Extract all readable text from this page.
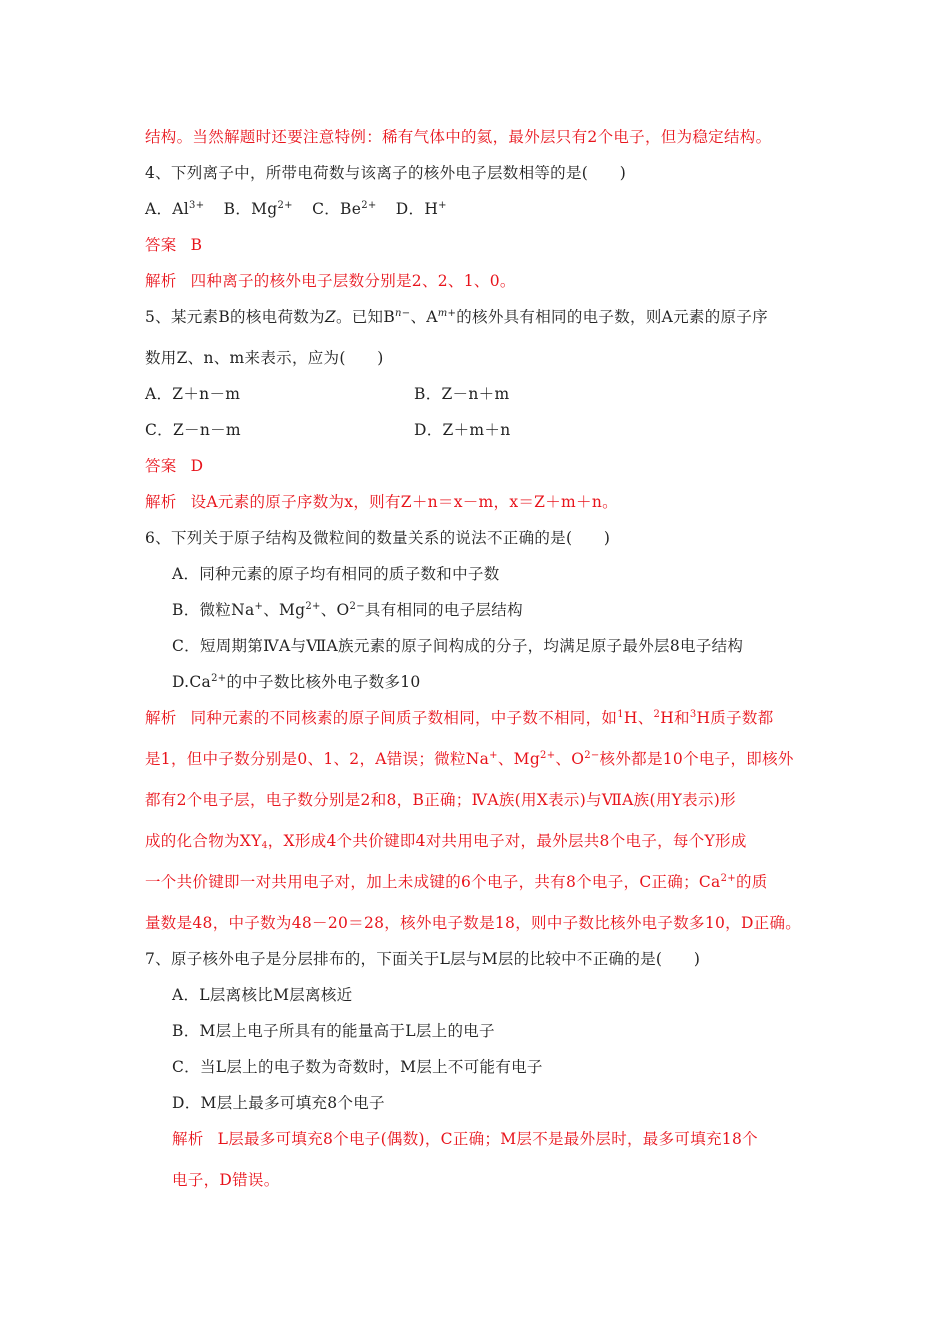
结构。当然解题时还要注意特例：稀有气体中的氦，最外层只有2个电子，但为稳定结构。
4、下列离子中，所带电荷数与该离子的核外电子层数相等的是(　　)
A．$Al^{3+}$ B．$Mg^{2+}$ C．$Be^{2+}$ D．H+
答案 B
解析 四种离子的核外电子层数分别是2、2、1、0。
5、某元素B的核电荷数为Z。已知$B^{n-}$、$A^{m+}$的核外具有相同的电子数，则A元素的原子序
数用Z、n、m来表示，应为(　　)
A．Z＋n－m	B．Z－n＋m
C．Z－n－m	D．Z＋m＋n
答案 D
解析 设A元素的原子序数为x，则有Z＋n＝x－m，x＝Z＋m＋n。
6、下列关于原子结构及微粒间的数量关系的说法不正确的是(　　)
A．同种元素的原子均有相同的质子数和中子数
B．微粒Na+、$Mg^{2+}$、$O^{2-}$具有相同的电子层结构
C．短周期第ⅣA与ⅦA族元素的原子间构成的分子，均满足原子最外层8电子结构
$D.Ca^{2+}$的中子数比核外电子数多10
解析 同种元素的不同核素的原子间质子数相同，中子数不相同，如$^1$H、$^2$H和$^3$H质子数都
是1，但中子数分别是0、1、2，A错误；微粒Na+、$Mg^{2+}$、$O^{2-}$核外都是10个电子，即核外
都有2个电子层，电子数分别是2和8，B正确；ⅣA族(用X表示)与ⅦA族(用Y表示)形
成的化合物为$XY_4$，X形成4个共价键即4对共用电子对，最外层共8个电子，每个Y形成
一个共价键即一对共用电子对，加上未成键的6个电子，共有8个电子，C正确；$Ca^{2+}$的质
量数是48，中子数为48－20＝28，核外电子数是18，则中子数比核外电子数多10，D正确。
7、原子核外电子是分层排布的，下面关于L层与M层的比较中不正确的是(　　)
A．L层离核比M层离核近
B．M层上电子所具有的能量高于L层上的电子
C．当L层上的电子数为奇数时，M层上不可能有电子
D．M层上最多可填充8个电子
解析 L层最多可填充8个电子(偶数)，C正确；M层不是最外层时，最多可填充18个
电子，D错误。
